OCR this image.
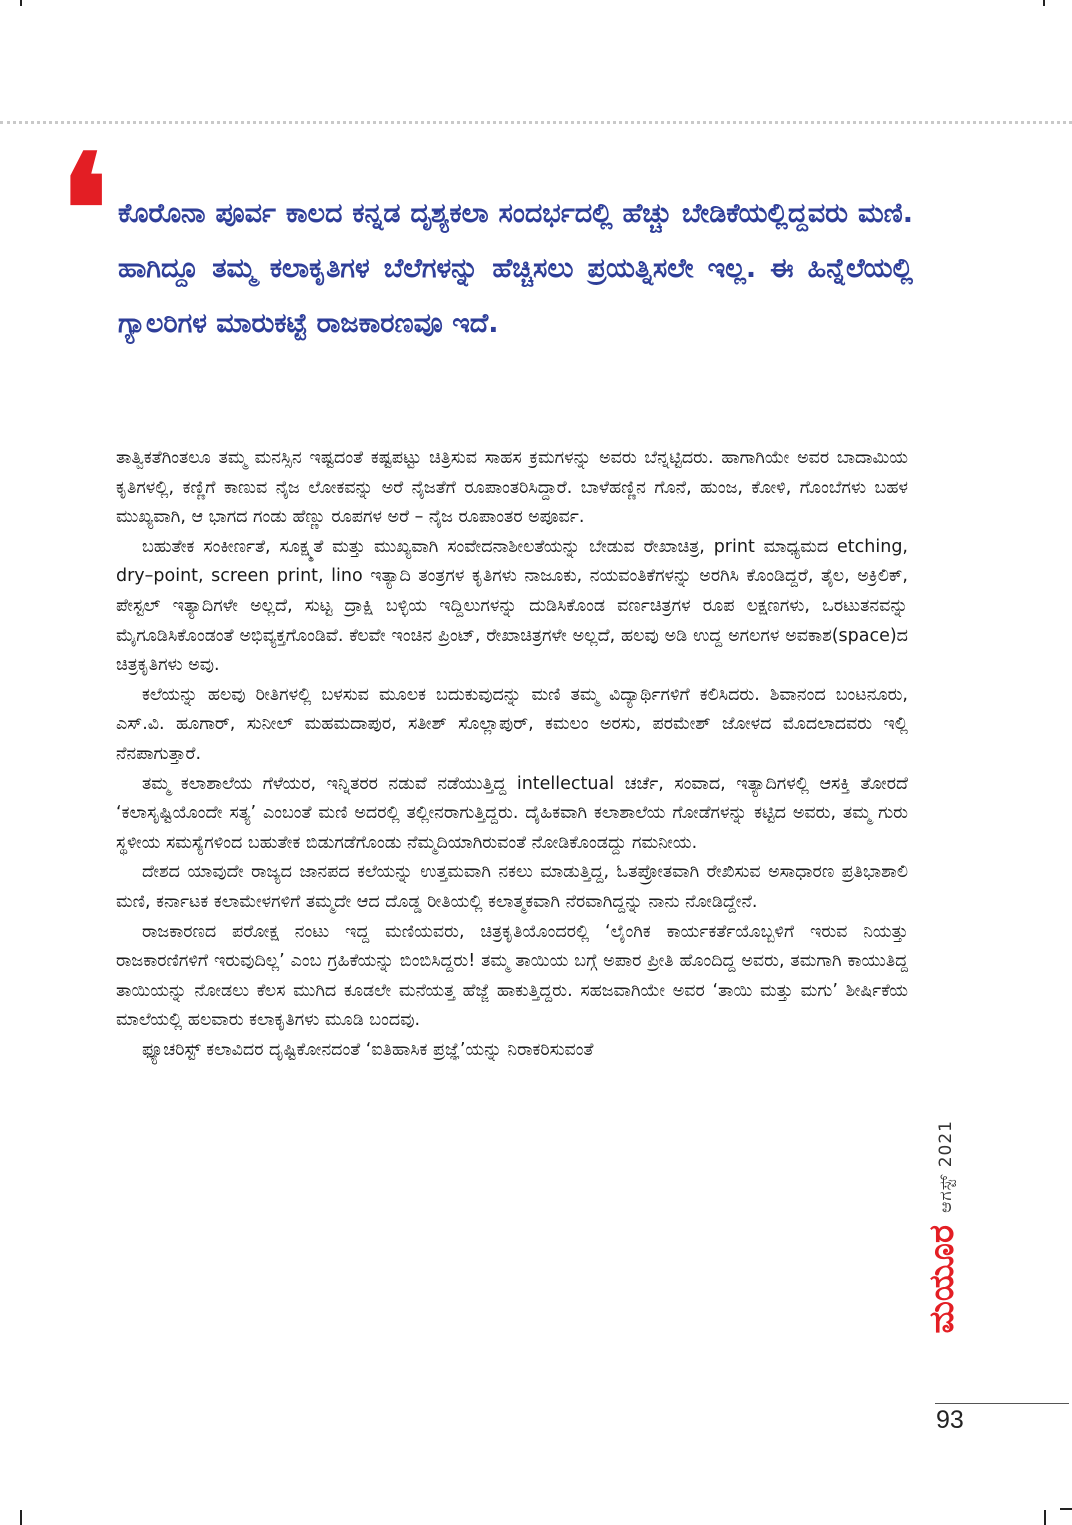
❛ ಕೊರೊನಾ ಪೂರ್ವ ಕಾಲದ ಕನ್ನಡ ದೃಶ್ಯಕಲಾ ಸಂದರ್ಭದಲ್ಲಿ ಹೆಚ್ಚು ಬೇಡಿಕೆಯಲ್ಲಿದ್ದವರು ಮಣಿ. ಹಾಗಿದ್ದೂ ತಮ್ಮ ಕಲಾಕೃತಿಗಳ ಬೆಲೆಗಳನ್ನು ಹೆಚ್ಚಿಸಲು ಪ್ರಯತ್ನಿಸಲೇ ಇಲ್ಲ. ಈ ಹಿನ್ನೆಲೆಯಲ್ಲಿ ಗ್ಯಾಲರಿಗಳ ಮಾರುಕಟ್ಟೆ ರಾಜಕಾರಣವೂ ಇದೆ.

ತಾತ್ವಿಕತೆಗಿಂತಲೂ ತಮ್ಮ ಮನಸ್ಸಿನ ಇಷ್ಟದಂತೆ ಕಷ್ಟಪಟ್ಟು ಚಿತ್ರಿಸುವ ಸಾಹಸ ಕ್ರಮಗಳನ್ನು ಅವರು ಬೆನ್ನಟ್ಟಿದರು. ಹಾಗಾಗಿಯೇ ಅವರ ಬಾದಾಮಿಯ ಕೃತಿಗಳಲ್ಲಿ, ಕಣ್ಣಿಗೆ ಕಾಣುವ ನೈಜ ಲೋಕವನ್ನು ಅರೆ ನೈಜತೆಗೆ ರೂಪಾಂತರಿಸಿದ್ದಾರೆ. ಬಾಳೆಹಣ್ಣಿನ ಗೊನೆ, ಹುಂಜ, ಕೋಳಿ, ಗೊಂಬೆಗಳು ಬಹಳ ಮುಖ್ಯವಾಗಿ, ಆ ಭಾಗದ ಗಂಡು ಹೆಣ್ಣು ರೂಪಗಳ ಅರೆ – ನೈಜ ರೂಪಾಂತರ ಅಪೂರ್ವ.

ಬಹುತೇಕ ಸಂಕೀರ್ಣತೆ, ಸೂಕ್ಷ್ಮತೆ ಮತ್ತು ಮುಖ್ಯವಾಗಿ ಸಂವೇದನಾಶೀಲತೆಯನ್ನು ಬೇಡುವ ರೇಖಾಚಿತ್ರ, print ಮಾಧ್ಯಮದ etching, dry–point, screen print, lino ಇತ್ಯಾದಿ ತಂತ್ರಗಳ ಕೃತಿಗಳು ನಾಜೂಕು, ನಯವಂತಿಕೆಗಳನ್ನು ಅರಗಿಸಿ ಕೊಂಡಿದ್ದರೆ, ತೈಲ, ಅಕ್ರಿಲಿಕ್, ಪೇಸ್ಟಲ್ ಇತ್ಯಾದಿಗಳೇ ಅಲ್ಲದೆ, ಸುಟ್ಟ ದ್ರಾಕ್ಷಿ ಬಳ್ಳಿಯ ಇದ್ದಿಲುಗಳನ್ನು ದುಡಿಸಿಕೊಂಡ ವರ್ಣಚಿತ್ರಗಳ ರೂಪ ಲಕ್ಷಣಗಳು, ಒರಟುತನವನ್ನು ಮೈಗೂಡಿಸಿಕೊಂಡಂತೆ ಅಭಿವ್ಯಕ್ತಗೊಂಡಿವೆ. ಕೆಲವೇ ಇಂಚಿನ ಪ್ರಿಂಟ್, ರೇಖಾಚಿತ್ರಗಳೇ ಅಲ್ಲದೆ, ಹಲವು ಅಡಿ ಉದ್ದ ಅಗಲಗಳ ಅವಕಾಶ(space)ದ ಚಿತ್ರಕೃತಿಗಳು ಅವು.

ಕಲೆಯನ್ನು ಹಲವು ರೀತಿಗಳಲ್ಲಿ ಬಳಸುವ ಮೂಲಕ ಬದುಕುವುದನ್ನು ಮಣಿ ತಮ್ಮ ವಿದ್ಯಾರ್ಥಿಗಳಿಗೆ ಕಲಿಸಿದರು. ಶಿವಾನಂದ ಬಂಟನೂರು, ಎಸ್.ವಿ. ಹೂಗಾರ್, ಸುನೀಲ್ ಮಹಮದಾಪುರ, ಸತೀಶ್ ಸೊಲ್ಲಾಪುರ್, ಕಮಲಂ ಅರಸು, ಪರಮೇಶ್ ಜೋಳದ ಮೊದಲಾದವರು ಇಲ್ಲಿ ನೆನಪಾಗುತ್ತಾರೆ.

ತಮ್ಮ ಕಲಾಶಾಲೆಯ ಗೆಳೆಯರ, ಇನ್ನಿತರರ ನಡುವೆ ನಡೆಯುತ್ತಿದ್ದ intellectual ಚರ್ಚೆ, ಸಂವಾದ, ಇತ್ಯಾದಿಗಳಲ್ಲಿ ಆಸಕ್ತಿ ತೋರದೆ ‘ಕಲಾಸೃಷ್ಟಿಯೊಂದೇ ಸತ್ಯ’ ಎಂಬಂತೆ ಮಣಿ ಅದರಲ್ಲಿ ತಲ್ಲೀನರಾಗುತ್ತಿದ್ದರು. ದೈಹಿಕವಾಗಿ ಕಲಾಶಾಲೆಯ ಗೋಡೆಗಳನ್ನು ಕಟ್ಟಿದ ಅವರು, ತಮ್ಮ ಗುರು ಸ್ಥಳೀಯ ಸಮಸ್ಯೆಗಳಿಂದ ಬಹುತೇಕ ಬಿಡುಗಡೆಗೊಂಡು ನೆಮ್ಮದಿಯಾಗಿರುವಂತೆ ನೋಡಿಕೊಂಡದ್ದು ಗಮನೀಯ.

ದೇಶದ ಯಾವುದೇ ರಾಜ್ಯದ ಜಾನಪದ ಕಲೆಯನ್ನು ಉತ್ತಮವಾಗಿ ನಕಲು ಮಾಡುತ್ತಿದ್ದ, ಓತಪ್ರೋತವಾಗಿ ರೇಖಿಸುವ ಅಸಾಧಾರಣ ಪ್ರತಿಭಾಶಾಲಿ ಮಣಿ, ಕರ್ನಾಟಕ ಕಲಾಮೇಳಗಳಿಗೆ ತಮ್ಮದೇ ಆದ ದೊಡ್ಡ ರೀತಿಯಲ್ಲಿ ಕಲಾತ್ಮಕವಾಗಿ ನೆರವಾಗಿದ್ದನ್ನು ನಾನು ನೋಡಿದ್ದೇನೆ.

ರಾಜಕಾರಣದ ಪರೋಕ್ಷ ನಂಟು ಇದ್ದ ಮಣಿಯವರು, ಚಿತ್ರಕೃತಿಯೊಂದರಲ್ಲಿ ‘ಲೈಂಗಿಕ ಕಾರ್ಯಕರ್ತೆಯೊಬ್ಬಳಿಗೆ ಇರುವ ನಿಯತ್ತು ರಾಜಕಾರಣಿಗಳಿಗೆ ಇರುವುದಿಲ್ಲ’ ಎಂಬ ಗ್ರಹಿಕೆಯನ್ನು ಬಿಂಬಿಸಿದ್ದರು! ತಮ್ಮ ತಾಯಿಯ ಬಗ್ಗೆ ಅಪಾರ ಪ್ರೀತಿ ಹೊಂದಿದ್ದ ಅವರು, ತಮಗಾಗಿ ಕಾಯುತಿದ್ದ ತಾಯಿಯನ್ನು ನೋಡಲು ಕೆಲಸ ಮುಗಿದ ಕೂಡಲೇ ಮನೆಯತ್ತ ಹೆಜ್ಜೆ ಹಾಕುತ್ತಿದ್ದರು. ಸಹಜವಾಗಿಯೇ ಅವರ ‘ತಾಯಿ ಮತ್ತು ಮಗು’ ಶೀರ್ಷಿಕೆಯ ಮಾಲೆಯಲ್ಲಿ ಹಲವಾರು ಕಲಾಕೃತಿಗಳು ಮೂಡಿ ಬಂದವು.

ಫ್ಯೂಚರಿಸ್ಟ್ ಕಲಾವಿದರ ದೃಷ್ಟಿಕೋನದಂತೆ ‘ಐತಿಹಾಸಿಕ ಪ್ರಜ್ಞೆ’ಯನ್ನು ನಿರಾಕರಿಸುವಂತೆ

ಆಗಸ್ಟ್ 2021
ಮಯೂರ
93
